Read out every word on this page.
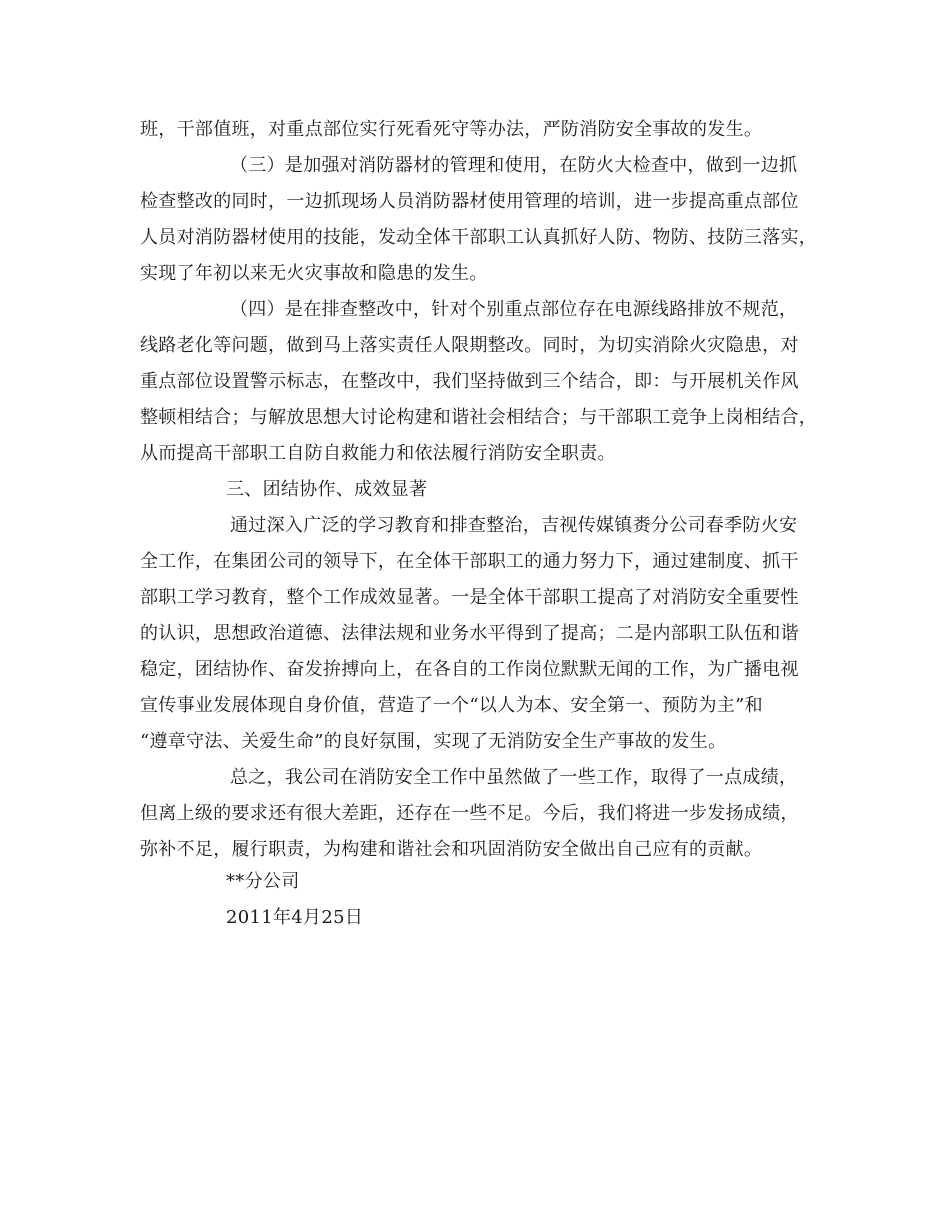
班，干部值班，对重点部位实行死看死守等办法，严防消防安全事故的发生。
（三）是加强对消防器材的管理和使用，在防火大检查中，做到一边抓
检查整改的同时，一边抓现场人员消防器材使用管理的培训，进一步提高重点部位
人员对消防器材使用的技能，发动全体干部职工认真抓好人防、物防、技防三落实，
实现了年初以来无火灾事故和隐患的发生。
（四）是在排查整改中，针对个别重点部位存在电源线路排放不规范，
线路老化等问题，做到马上落实责任人限期整改。同时，为切实消除火灾隐患，对
重点部位设置警示标志，在整改中，我们坚持做到三个结合，即：与开展机关作风
整顿相结合；与解放思想大讨论构建和谐社会相结合；与干部职工竞争上岗相结合，
从而提高干部职工自防自救能力和依法履行消防安全职责。
三、团结协作、成效显著
通过深入广泛的学习教育和排查整治，吉视传媒镇赉分公司春季防火安
全工作，在集团公司的领导下，在全体干部职工的通力努力下，通过建制度、抓干
部职工学习教育，整个工作成效显著。一是全体干部职工提高了对消防安全重要性
的认识，思想政治道德、法律法规和业务水平得到了提高；二是内部职工队伍和谐
稳定，团结协作、奋发拚搏向上，在各自的工作岗位默默无闻的工作，为广播电视
宣传事业发展体现自身价值，营造了一个“以人为本、安全第一、预防为主”和
“遵章守法、关爱生命”的良好氛围，实现了无消防安全生产事故的发生。
总之，我公司在消防安全工作中虽然做了一些工作，取得了一点成绩，
但离上级的要求还有很大差距，还存在一些不足。今后，我们将进一步发扬成绩，
弥补不足，履行职责，为构建和谐社会和巩固消防安全做出自己应有的贡献。
**分公司
2011年4月25日
